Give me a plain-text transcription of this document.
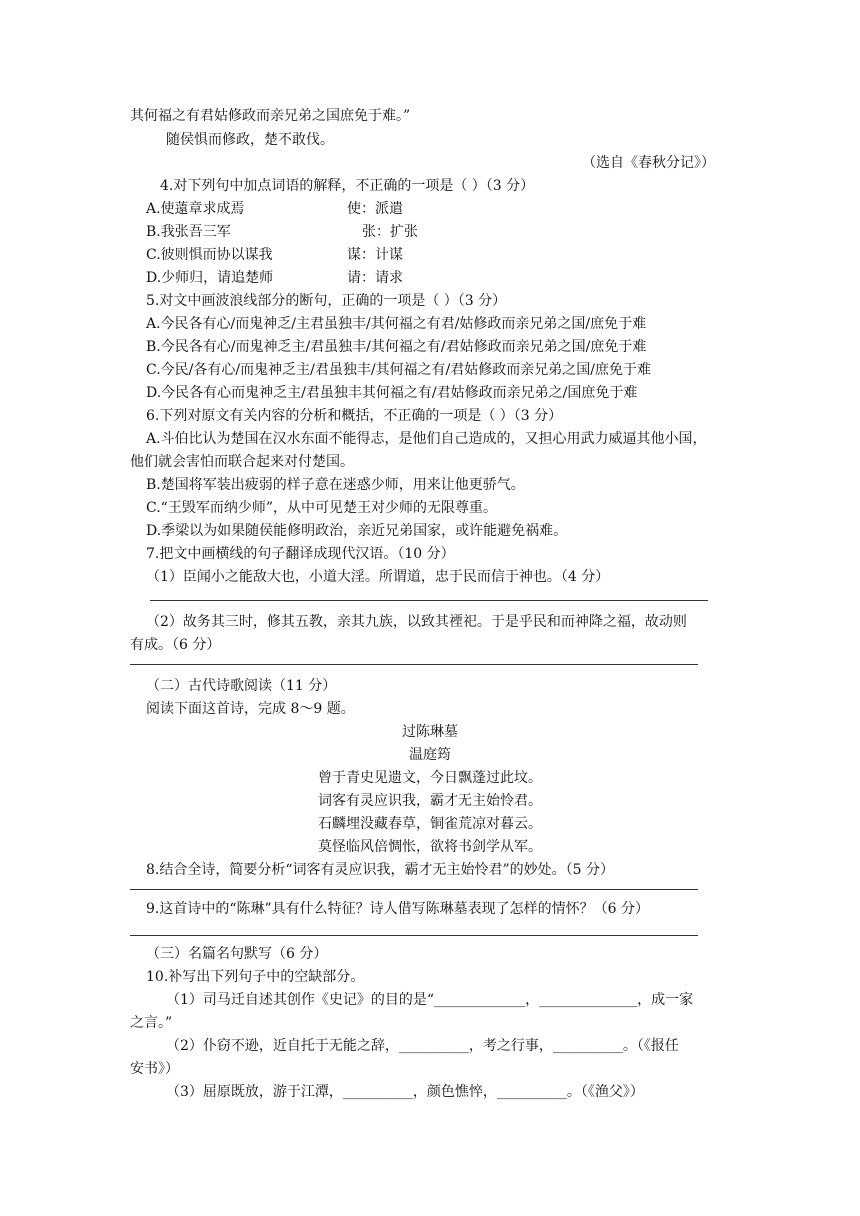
其何福之有君姑修政而亲兄弟之国庶免于难。”
随侯惧而修政，楚不敢伐。
（选自《春秋分记》）
4.对下列句中加点词语的解释，不正确的一项是（ ）（3 分）
A.使薳章求成焉	使：派遣
B.我张吾三军	张：扩张
C.彼则惧而协以谋我	谋：计谋
D.少师归，请追楚师	请：请求
5.对文中画波浪线部分的断句，正确的一项是（ ）（3 分）
A.今民各有心/而鬼神乏/主君虽独丰/其何福之有君/姑修政而亲兄弟之国/庶免于难
B.今民各有心/而鬼神乏主/君虽独丰/其何福之有/君姑修政而亲兄弟之国/庶免于难
C.今民/各有心/而鬼神乏主/君虽独丰/其何福之有/君姑修政而亲兄弟之国/庶免于难
D.今民各有心而鬼神乏主/君虽独丰其何福之有/君姑修政而亲兄弟之/国庶免于难
6.下列对原文有关内容的分析和概括，不正确的一项是（ ）（3 分）
A.斗伯比认为楚国在汉水东面不能得志，是他们自己造成的，又担心用武力威逼其他小国，
他们就会害怕而联合起来对付楚国。
B.楚国将军装出疲弱的样子意在迷惑少师，用来让他更骄气。
C.“王毁军而纳少师”，从中可见楚王对少师的无限尊重。
D.季梁以为如果随侯能修明政治，亲近兄弟国家，或许能避免祸难。
7.把文中画横线的句子翻译成现代汉语。（10 分）
（1）臣闻小之能敌大也，小道大淫。所谓道，忠于民而信于神也。（4 分）
（2）故务其三时，修其五教，亲其九族，以致其禋祀。于是乎民和而神降之福，故动则
有成。（6 分）
（二）古代诗歌阅读（11 分）
阅读下面这首诗，完成 8～9 题。
过陈琳墓
温庭筠
曾于青史见遗文，今日飘蓬过此坟。
词客有灵应识我，霸才无主始怜君。
石麟埋没藏春草，铜雀荒凉对暮云。
莫怪临风倍惆怅，欲将书剑学从军。
8.结合全诗，简要分析“词客有灵应识我，霸才无主始怜君”的妙处。（5 分）
9.这首诗中的“陈琳”具有什么特征？诗人借写陈琳墓表现了怎样的情怀？（6 分）
（三）名篇名句默写（6 分）
10.补写出下列句子中的空缺部分。
（1）司马迁自述其创作《史记》的目的是“_____________，______________，成一家
之言。”
（2）仆窃不逊，近自托于无能之辞，__________，考之行事，__________。（《报任
安书》）
（3）屈原既放，游于江潭，__________，颜色憔悴，__________。（《渔父》）
